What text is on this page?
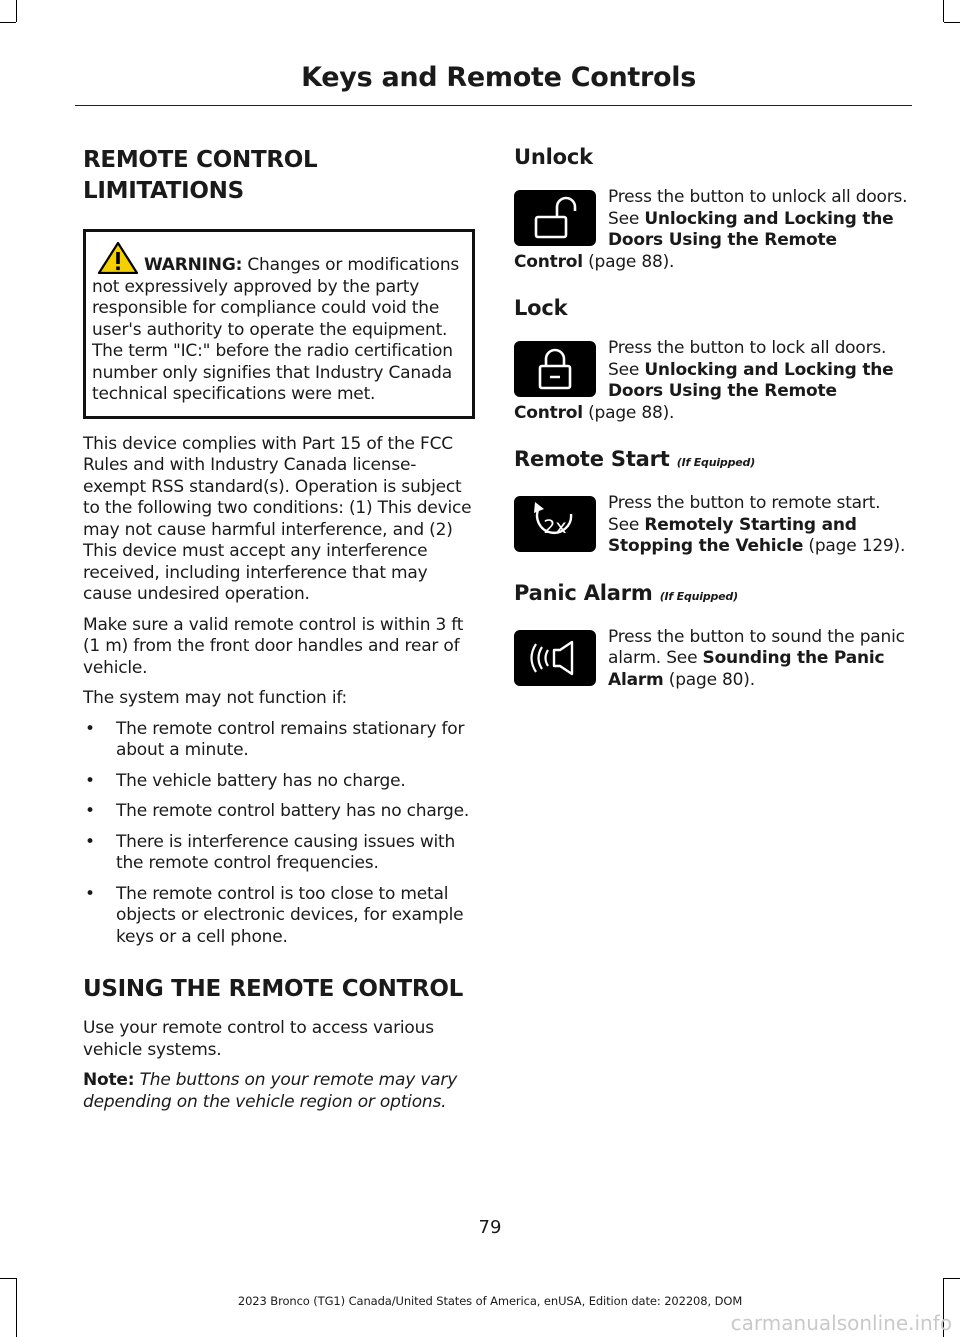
Keys and Remote Controls
REMOTE CONTROL
LIMITATIONS

WARNING: Changes or modifications not expressively approved by the party responsible for compliance could void the user's authority to operate the equipment. The term "IC:" before the radio certification number only signifies that Industry Canada technical specifications were met.

This device complies with Part 15 of the FCC Rules and with Industry Canada license-exempt RSS standard(s). Operation is subject to the following two conditions: (1) This device may not cause harmful interference, and (2) This device must accept any interference received, including interference that may cause undesired operation.

Make sure a valid remote control is within 3 ft (1 m) from the front door handles and rear of vehicle.

The system may not function if:

• The remote control remains stationary for about a minute.
• The vehicle battery has no charge.
• The remote control battery has no charge.
• There is interference causing issues with the remote control frequencies.
• The remote control is too close to metal objects or electronic devices, for example keys or a cell phone.
USING THE REMOTE CONTROL

Use your remote control to access various vehicle systems.

Note: The buttons on your remote may vary depending on the vehicle region or options.

Unlock

Press the button to unlock all doors. See Unlocking and Locking the Doors Using the Remote Control (page 88).

Lock

Press the button to lock all doors. See Unlocking and Locking the Doors Using the Remote Control (page 88).

Remote Start (If Equipped)
2x

Press the button to remote start. See Remotely Starting and Stopping the Vehicle (page 129).

Panic Alarm (If Equipped)

Press the button to sound the panic alarm. See Sounding the Panic Alarm (page 80).

79
2023 Bronco (TG1) Canada/United States of America, enUSA, Edition date: 202208, DOM
carmanualsonline.info
